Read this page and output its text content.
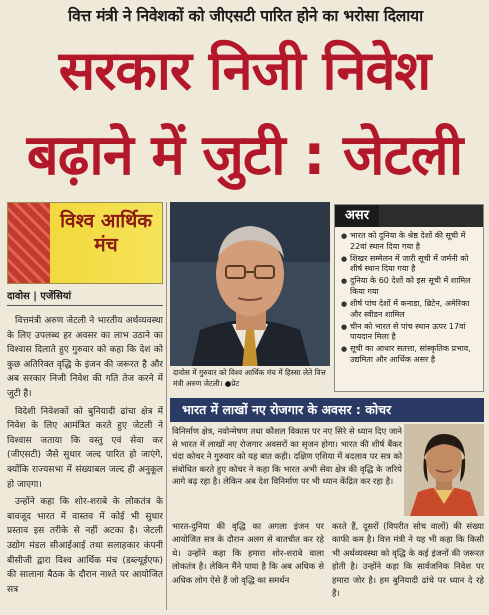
वित्त मंत्री ने निवेशकों को जीएसटी पारित होने का भरोसा दिलाया
सरकार निजी निवेश
बढ़ाने में जुटी : जेटली
विश्व आर्थिक
मंच
दावोस | एजेंसियां

वित्तमंत्री अरुण जेटली ने भारतीय अर्थव्यवस्था के लिए उपलब्ध हर अवसर का लाभ उठाने का विश्वास दिलाते हुए गुरुवार को कहा कि देश को कुछ अतिरिक्त वृद्धि के इंजन की जरूरत है और अब सरकार निजी निवेश की गति तेज करने में जुटी है।

विदेशी निवेशकों को बुनियादी ढांचा क्षेत्र में निवेश के लिए आमंत्रित करते हुए जेटली ने विश्वास जताया कि वस्तु एवं सेवा कर (जीएसटी) जैसे सुधार जल्द पारित हो जाएंगे, क्योंकि राज्यसभा में संख्याबल जल्द ही अनुकूल हो जाएगा।

उन्होंने कहा कि शोर-शराबे के लोकतंत्र के बावजूद भारत में वास्तव में कोई भी सुधार प्रस्ताव इस तरीके से नहीं अटका है। जेटली उद्योग मंडल सीआईआई तथा सलाहकार कंपनी बीसीजी द्वारा विश्व आर्थिक मंच (डब्ल्यूईएफ) की सालाना बैठक के दौरान नाश्ते पर आयोजित सत्र

दावोस में गुरुवार को विश्व आर्थिक मंच में हिस्सा लेते वित्त मंत्री अरुण जेटली। ●प्रेट
असर
● भारत को दुनिया के श्रेष्ठ देशों की सूची में 22वां स्थान दिया गया है
● शिखर सम्मेलन में जारी सूची में जर्मनी को शीर्ष स्थान दिया गया है
● दुनिया के 60 देशों को इस सूची में शामिल किया गया
● शीर्ष पांच देशों में कनाडा, ब्रिटेन, अमेरिका और स्वीडन शामिल
● चीन को भारत से पांच स्थान ऊपर 17वां पायदान मिला है
● सूची का आधार सतत्ता, सांस्कृतिक प्रभाव, उद्यमिता और आर्थिक असर है
भारत में लाखों नए रोजगार के अवसर : कोचर
विनिर्माण क्षेत्र, नवोन्मेषण तथा कौशल विकास पर नए सिरे से ध्यान दिए जाने से भारत में लाखों नए रोजगार अवसरों का सृजन होगा। भारत की शीर्ष बैंकर चंदा कोचर ने गुरुवार को यह बात कही। दक्षिण एशिया में बदलाव पर सत्र को संबोधित करते हुए कोचर ने कहा कि भारत अभी सेवा क्षेत्र की वृद्धि के जरिये आगे बढ़ रहा है। लेकिन अब देश विनिर्माण पर भी ध्यान केंद्रित कर रहा है।
भारत-दुनिया की वृद्धि का अगला इंजन पर आयोजित सत्र के दौरान अलग से बातचीत कर रहे थे। उन्होंने कहा कि हमारा शोर-शराबे वाला लोकतंत्र है। लेकिन मैंने पाया है कि अब अधिक से अधिक लोग ऐसे हैं जो वृद्धि का समर्थन
करते हैं, दूसरों (विपरीत सोच वालों) की संख्या काफी कम है। वित्त मंत्री ने यह भी कहा कि किसी भी अर्थव्यवस्था को वृद्धि के कई इंजनों की जरूरत होती है। उन्होंने कहा कि सार्वजनिक निवेश पर हमारा जोर है। हम बुनियादी ढांचे पर ध्यान दे रहे हैं।
